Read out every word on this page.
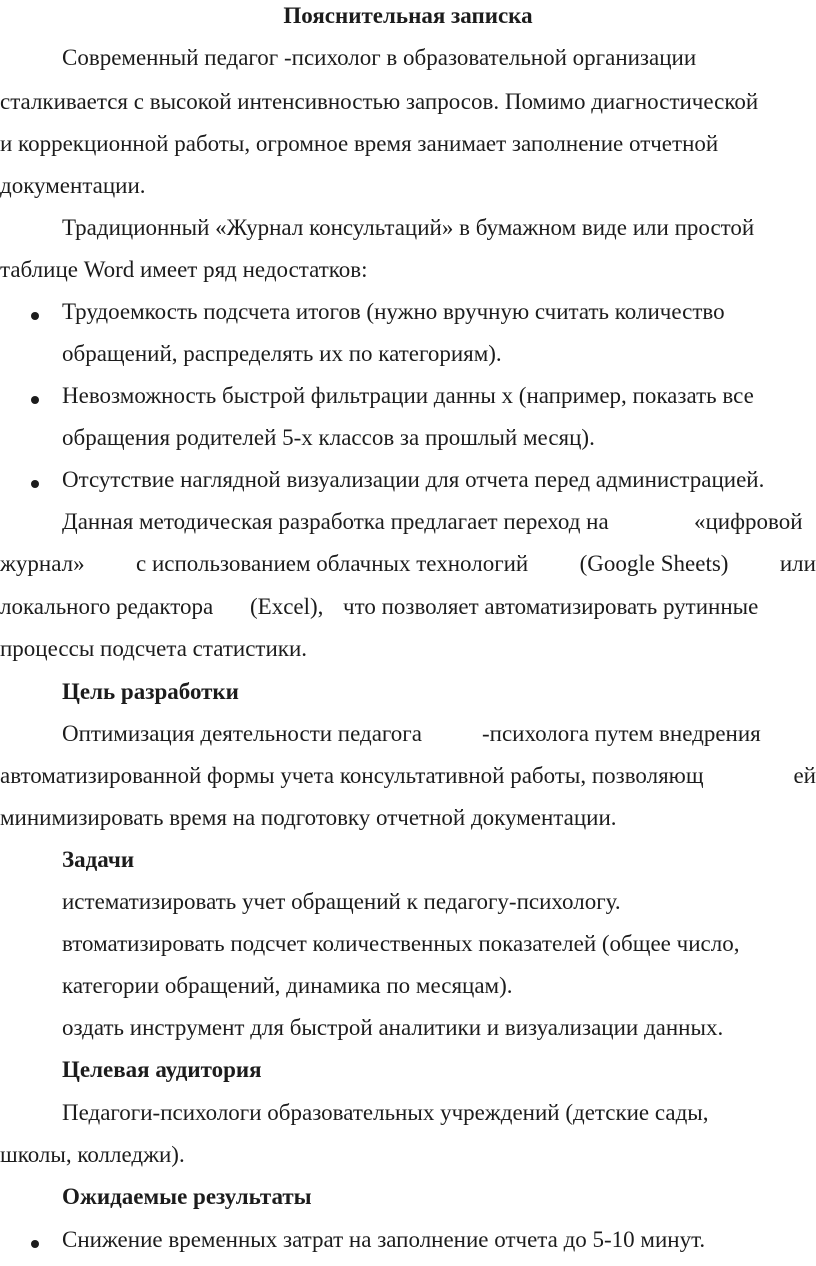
Пояснительная записка
Современный педагог -психолог в образовательной организации
сталкивается с высокой интенсивностью запросов. Помимо диагностической
и коррекционной работы, огромное время занимает заполнение отчетной
документации.
Традиционный «Журнал консультаций» в бумажном виде или простой
таблице Word имеет ряд недостатков:
Трудоемкость подсчета итогов (нужно вручную считать количество
обращений, распределять их по категориям).
Невозможность быстрой фильтрации данны х (например, показать все
обращения родителей 5-х классов за прошлый месяц).
Отсутствие наглядной визуализации для отчета перед администрацией.
Данная методическая разработка предлагает переход на	«цифровой
журнал» с использованием облачных технологий (Google Sheets) или
локального редактора (Excel), что позволяет автоматизировать рутинные
процессы подсчета статистики.
Цель разработки
Оптимизация деятельности педагога	-психолога путем внедрения
автоматизированной формы учета консультативной работы, позволяющ	ей
минимизировать время на подготовку отчетной документации.
Задачи
истематизировать учет обращений к педагогу-психологу.
втоматизировать подсчет количественных показателей (общее число,
категории обращений, динамика по месяцам).
оздать инструмент для быстрой аналитики и визуализации данных.
Целевая аудитория
Педагоги-психологи образовательных учреждений (детские сады,
школы, колледжи).
Ожидаемые результаты
Снижение временных затрат на заполнение отчета до 5-10 минут.
